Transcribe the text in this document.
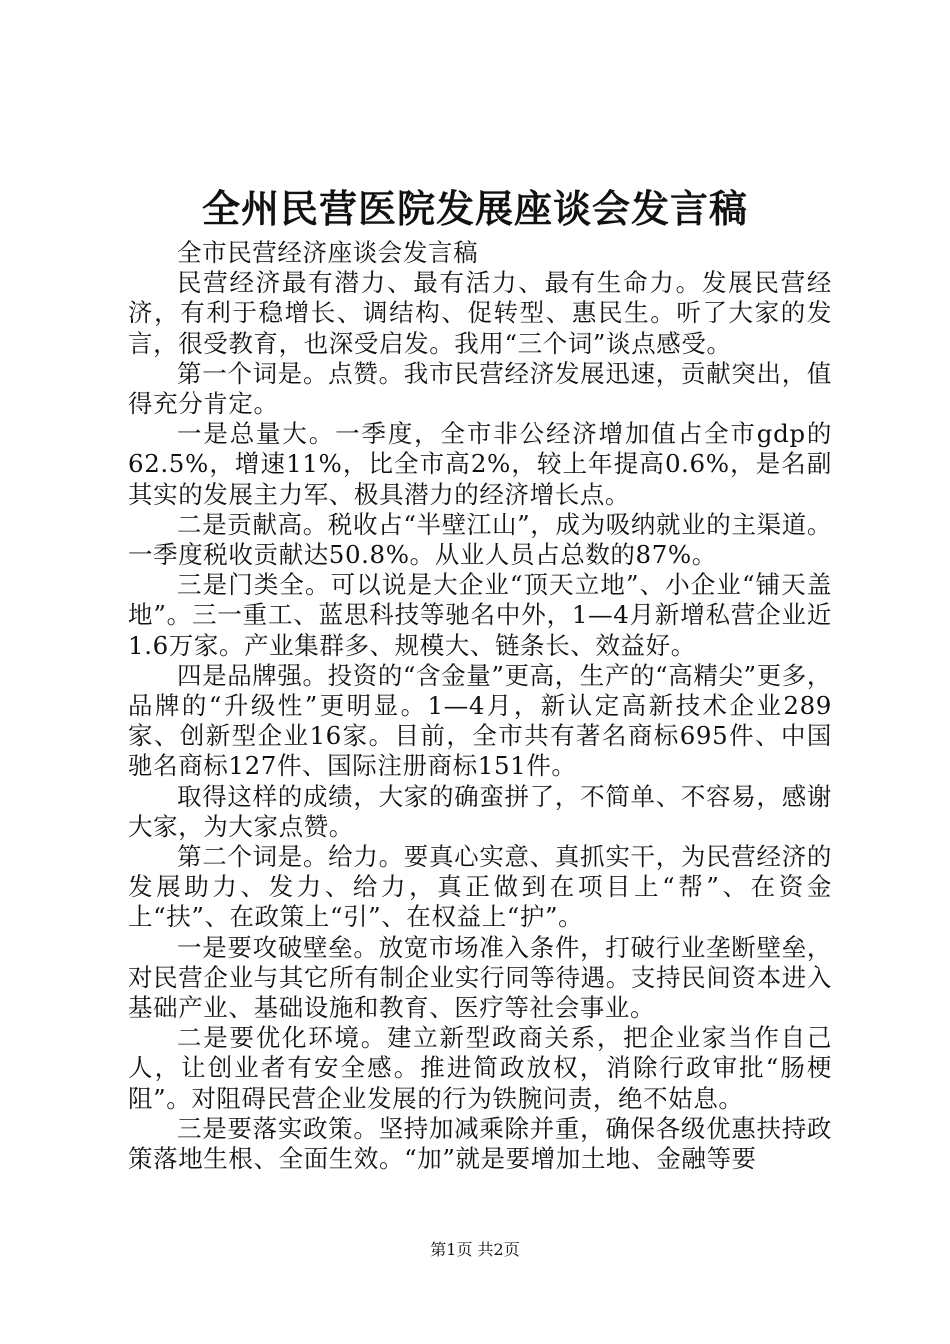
全州民营医院发展座谈会发言稿

全市民营经济座谈会发言稿

民营经济最有潜力、最有活力、最有生命力。发展民营经济，有利于稳增长、调结构、促转型、惠民生。听了大家的发言，很受教育，也深受启发。我用“三个词”谈点感受。

第一个词是。点赞。我市民营经济发展迅速，贡献突出，值得充分肯定。

一是总量大。一季度，全市非公经济增加值占全市gdp的62.5%，增速11%，比全市高2%，较上年提高0.6%，是名副其实的发展主力军、极具潜力的经济增长点。

二是贡献高。税收占“半壁江山”，成为吸纳就业的主渠道。一季度税收贡献达50.8%。从业人员占总数的87%。

三是门类全。可以说是大企业“顶天立地”、小企业“铺天盖地”。三一重工、蓝思科技等驰名中外，1—4月新增私营企业近1.6万家。产业集群多、规模大、链条长、效益好。

四是品牌强。投资的“含金量”更高，生产的“高精尖”更多，品牌的“升级性”更明显。1—4月，新认定高新技术企业289家、创新型企业16家。目前，全市共有著名商标695件、中国驰名商标127件、国际注册商标151件。

取得这样的成绩，大家的确蛮拼了，不简单、不容易，感谢大家，为大家点赞。

第二个词是。给力。要真心实意、真抓实干，为民营经济的发展助力、发力、给力，真正做到在项目上“帮”、在资金上“扶”、在政策上“引”、在权益上“护”。

一是要攻破壁垒。放宽市场准入条件，打破行业垄断壁垒，对民营企业与其它所有制企业实行同等待遇。支持民间资本进入基础产业、基础设施和教育、医疗等社会事业。

二是要优化环境。建立新型政商关系，把企业家当作自己人，让创业者有安全感。推进简政放权，消除行政审批“肠梗阻”。对阻碍民营企业发展的行为铁腕问责，绝不姑息。

三是要落实政策。坚持加减乘除并重，确保各级优惠扶持政策落地生根、全面生效。“加”就是要增加土地、金融等要

第1页 共2页
